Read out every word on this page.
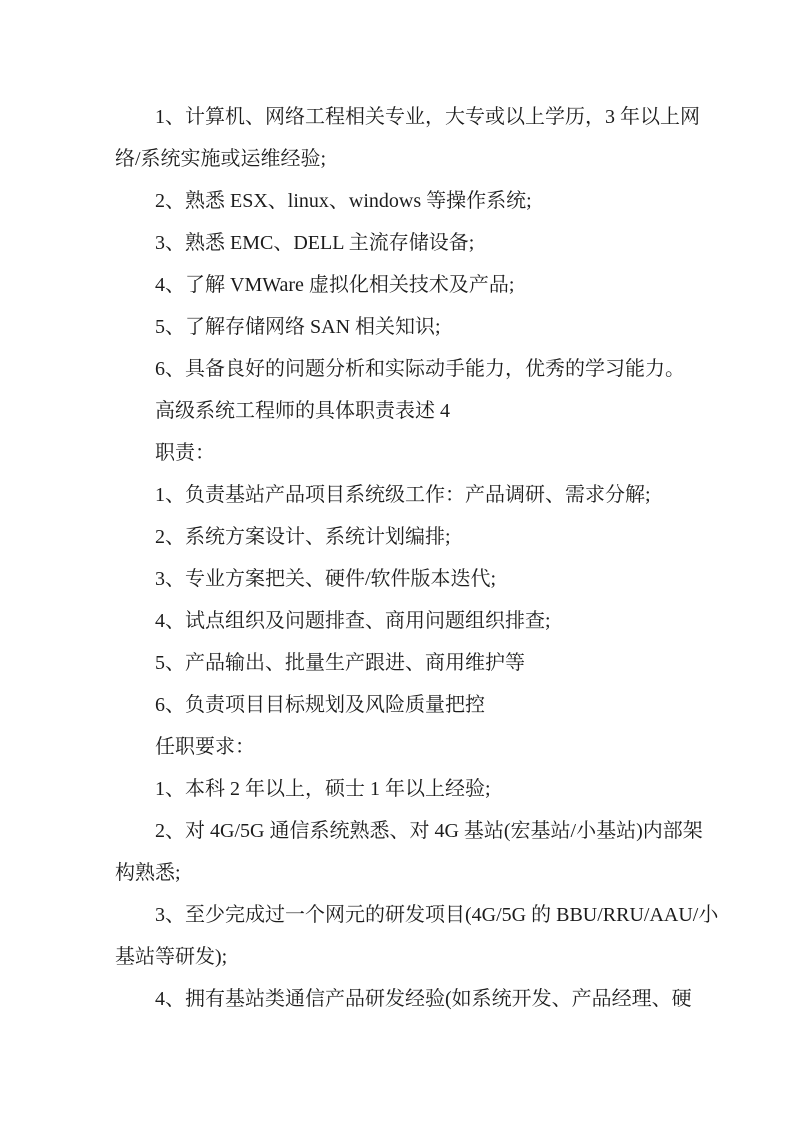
1、计算机、网络工程相关专业，大专或以上学历，3 年以上网
络/系统实施或运维经验;
2、熟悉 ESX、linux、windows 等操作系统;
3、熟悉 EMC、DELL 主流存储设备;
4、了解 VMWare 虚拟化相关技术及产品;
5、了解存储网络 SAN 相关知识;
6、具备良好的问题分析和实际动手能力，优秀的学习能力。
高级系统工程师的具体职责表述 4
职责：
1、负责基站产品项目系统级工作：产品调研、需求分解;
2、系统方案设计、系统计划编排;
3、专业方案把关、硬件/软件版本迭代;
4、试点组织及问题排查、商用问题组织排查;
5、产品输出、批量生产跟进、商用维护等
6、负责项目目标规划及风险质量把控
任职要求：
1、本科 2 年以上，硕士 1 年以上经验;
2、对 4G/5G 通信系统熟悉、对 4G 基站(宏基站/小基站)内部架
构熟悉;
3、至少完成过一个网元的研发项目(4G/5G 的 BBU/RRU/AAU/小
基站等研发);
4、拥有基站类通信产品研发经验(如系统开发、产品经理、硬
